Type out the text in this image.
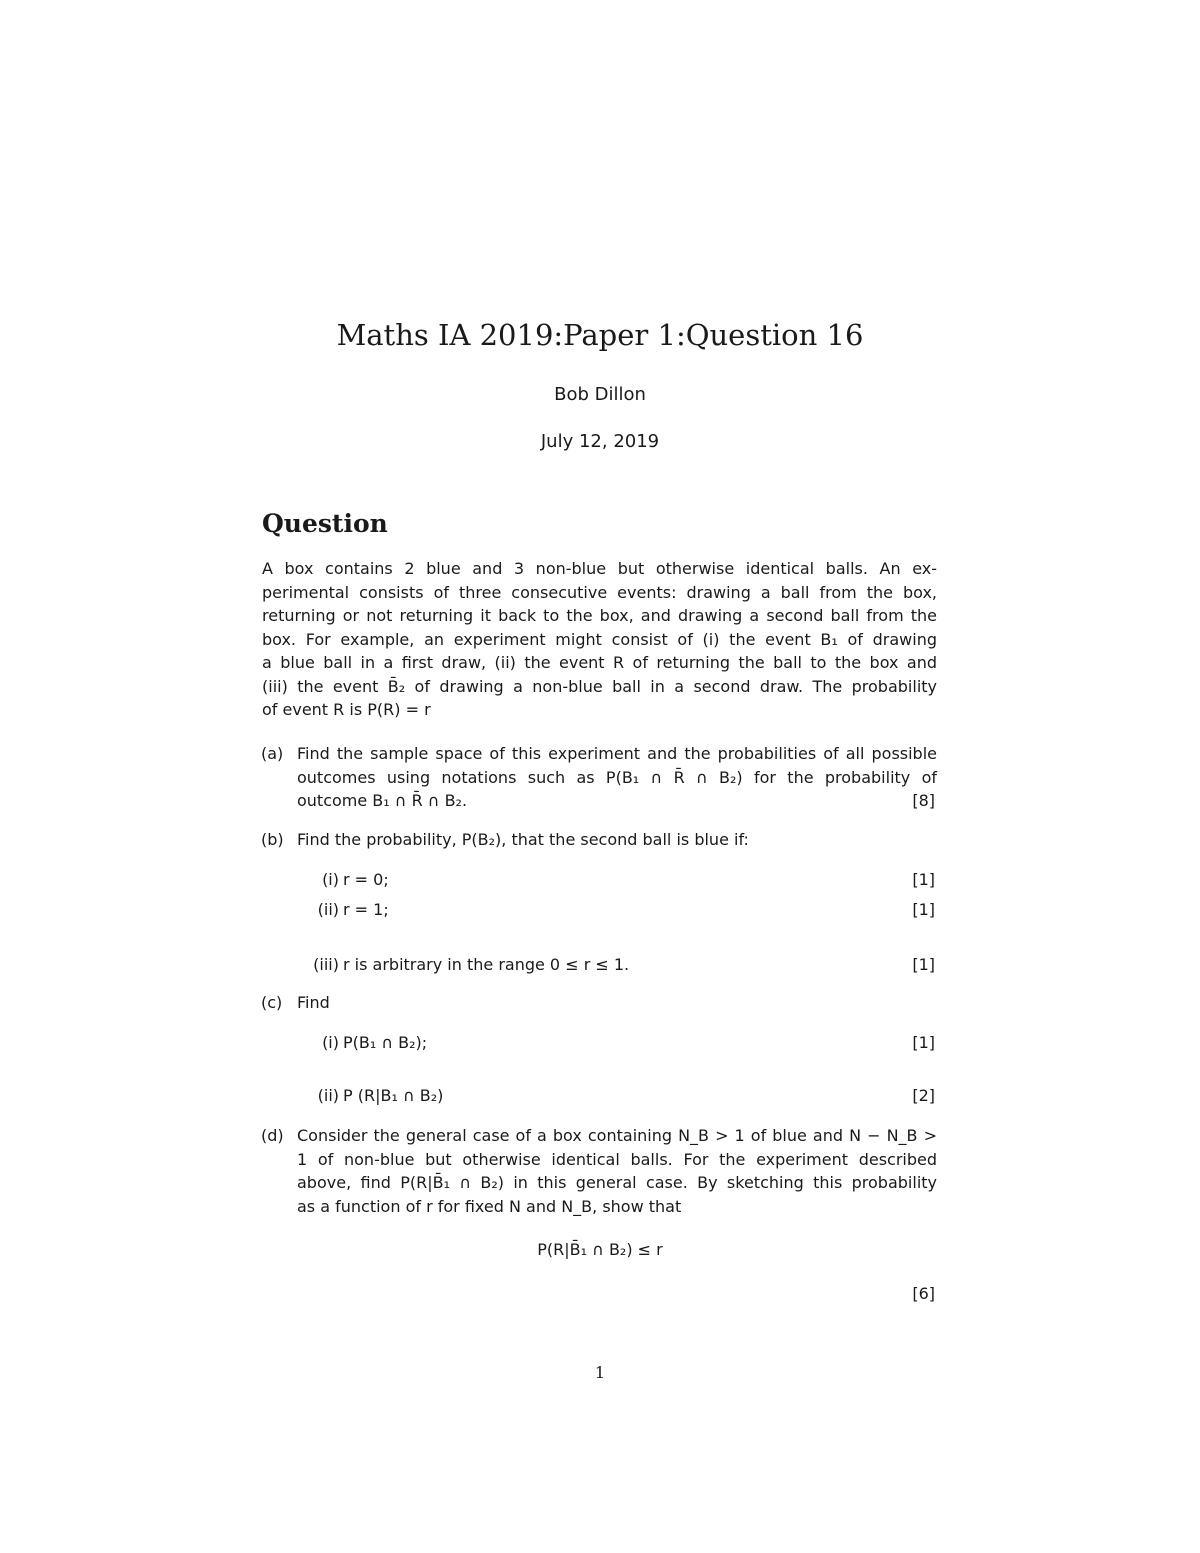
Maths IA 2019:Paper 1:Question 16
Bob Dillon
July 12, 2019
Question
A box contains 2 blue and 3 non-blue but otherwise identical balls. An ex-
perimental consists of three consecutive events: drawing a ball from the box,
returning or not returning it back to the box, and drawing a second ball from the
box. For example, an experiment might consist of (i) the event B₁ of drawing
a blue ball in a first draw, (ii) the event R of returning the ball to the box and
(iii) the event B̄₂ of drawing a non-blue ball in a second draw. The probability
of event R is P(R) = r
(a) Find the sample space of this experiment and the probabilities of all possible
outcomes using notations such as P(B₁ ∩ R̄ ∩ B₂) for the probability of
outcome B₁ ∩ R̄ ∩ B₂.	[8]
(b) Find the probability, P(B₂), that the second ball is blue if:
(i) r = 0;	[1]
(ii) r = 1;	[1]
(iii) r is arbitrary in the range 0 ≤ r ≤ 1.	[1]
(c) Find
(i) P(B₁ ∩ B₂);	[1]
(ii) P (R|B₁ ∩ B₂)	[2]
(d) Consider the general case of a box containing N_B > 1 of blue and N − N_B >
1 of non-blue but otherwise identical balls. For the experiment described
above, find P(R|B̄₁ ∩ B₂) in this general case. By sketching this probability
as a function of r for fixed N and N_B, show that
P(R|B̄₁ ∩ B₂) ≤ r
[6]
1
